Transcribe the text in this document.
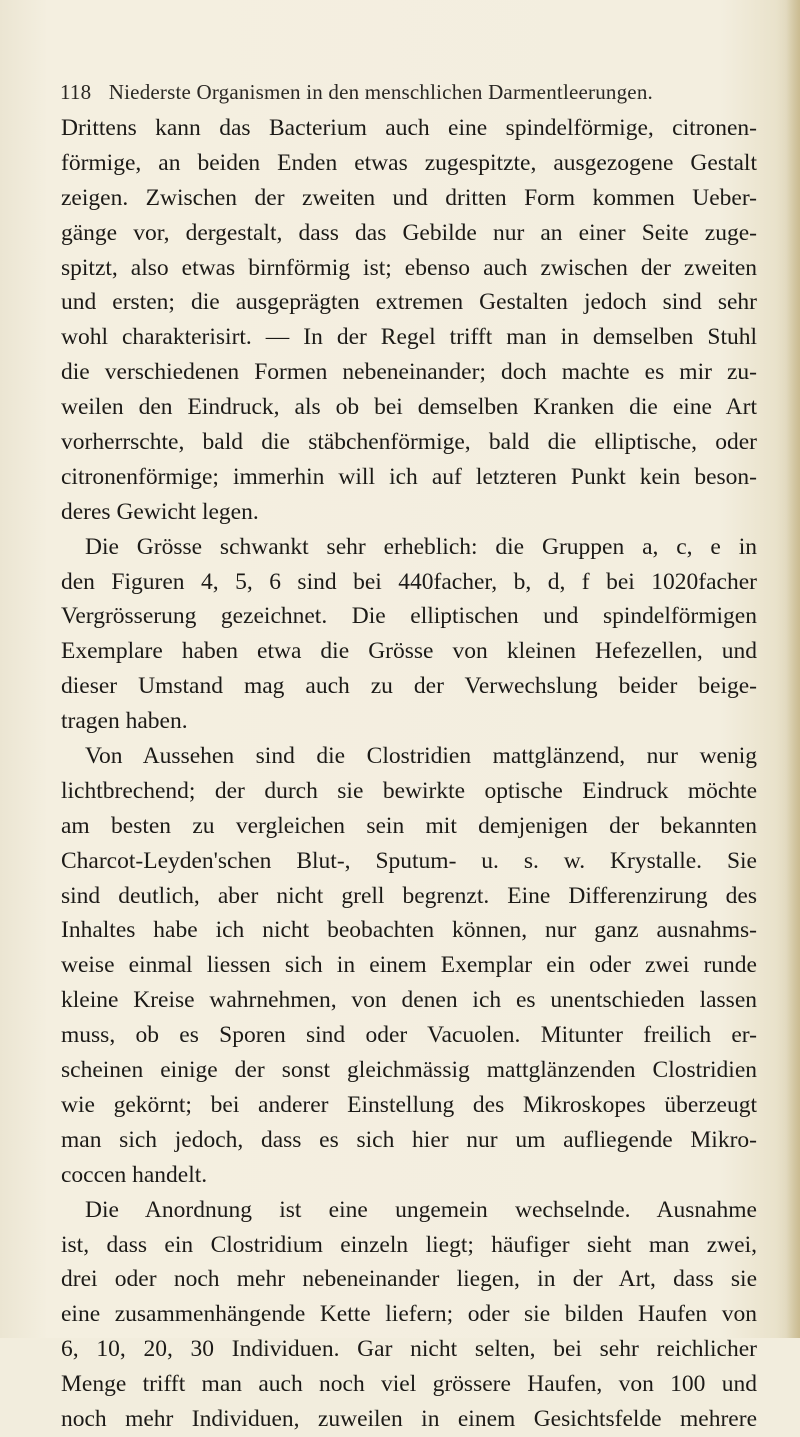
118 Niederste Organismen in den menschlichen Darmentleerungen.
Drittens kann das Bacterium auch eine spindelförmige, citronen-
förmige, an beiden Enden etwas zugespitzte, ausgezogene Gestalt
zeigen. Zwischen der zweiten und dritten Form kommen Ueber-
gänge vor, dergestalt, dass das Gebilde nur an einer Seite zuge-
spitzt, also etwas birnförmig ist; ebenso auch zwischen der zweiten
und ersten; die ausgeprägten extremen Gestalten jedoch sind sehr
wohl charakterisirt. — In der Regel trifft man in demselben Stuhl
die verschiedenen Formen nebeneinander; doch machte es mir zu-
weilen den Eindruck, als ob bei demselben Kranken die eine Art
vorherrschte, bald die stäbchenförmige, bald die elliptische, oder
citronenförmige; immerhin will ich auf letzteren Punkt kein beson-
deres Gewicht legen.
Die Grösse schwankt sehr erheblich: die Gruppen a, c, e in
den Figuren 4, 5, 6 sind bei 440facher, b, d, f bei 1020facher
Vergrösserung gezeichnet. Die elliptischen und spindelförmigen
Exemplare haben etwa die Grösse von kleinen Hefezellen, und
dieser Umstand mag auch zu der Verwechslung beider beige-
tragen haben.
Von Aussehen sind die Clostridien mattglänzend, nur wenig
lichtbrechend; der durch sie bewirkte optische Eindruck möchte
am besten zu vergleichen sein mit demjenigen der bekannten
Charcot-Leyden'schen Blut-, Sputum- u. s. w. Krystalle. Sie
sind deutlich, aber nicht grell begrenzt. Eine Differenzirung des
Inhaltes habe ich nicht beobachten können, nur ganz ausnahms-
weise einmal liessen sich in einem Exemplar ein oder zwei runde
kleine Kreise wahrnehmen, von denen ich es unentschieden lassen
muss, ob es Sporen sind oder Vacuolen. Mitunter freilich er-
scheinen einige der sonst gleichmässig mattglänzenden Clostridien
wie gekörnt; bei anderer Einstellung des Mikroskopes überzeugt
man sich jedoch, dass es sich hier nur um aufliegende Mikro-
coccen handelt.
Die Anordnung ist eine ungemein wechselnde. Ausnahme
ist, dass ein Clostridium einzeln liegt; häufiger sieht man zwei,
drei oder noch mehr nebeneinander liegen, in der Art, dass sie
eine zusammenhängende Kette liefern; oder sie bilden Haufen von
6, 10, 20, 30 Individuen. Gar nicht selten, bei sehr reichlicher
Menge trifft man auch noch viel grössere Haufen, von 100 und
noch mehr Individuen, zuweilen in einem Gesichtsfelde mehrere
